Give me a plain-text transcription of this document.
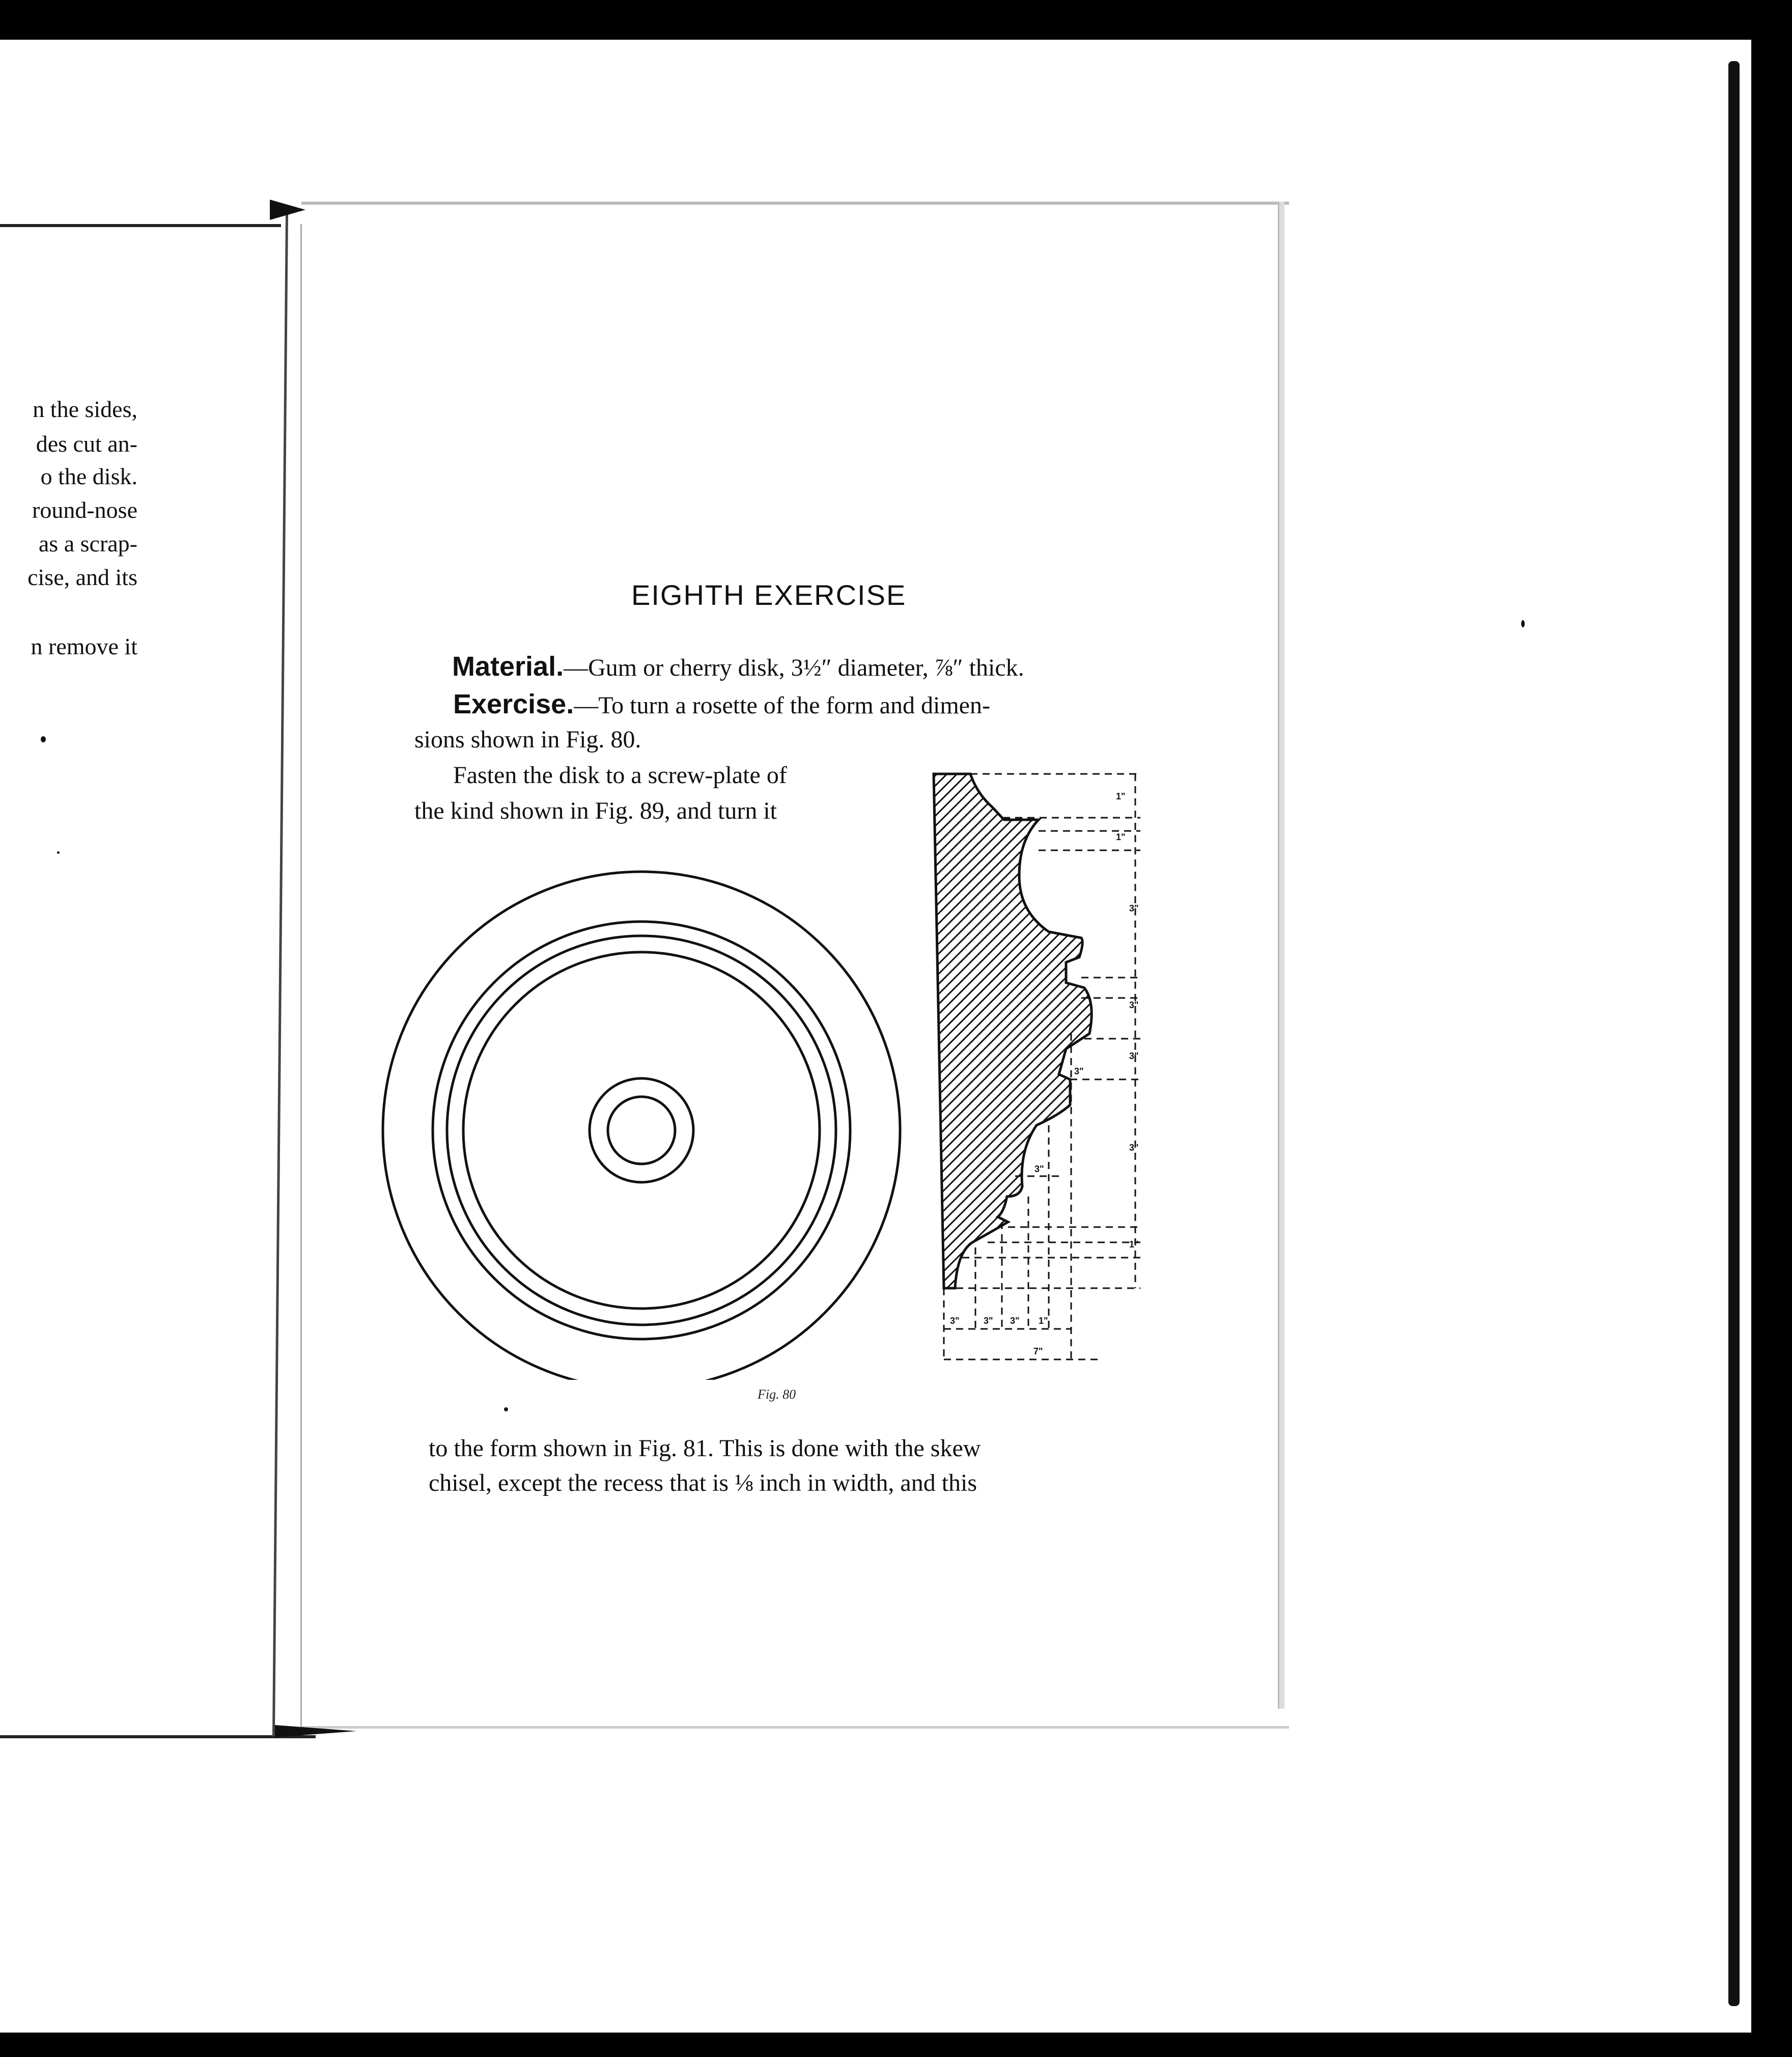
n the sides,
des cut an-
o the disk.
round-nose
as a scrap-
cise, and its
n remove it
EIGHTH EXERCISE
Material.—Gum or cherry disk, 3½″ diameter, ⅞″ thick.
Exercise.—To turn a rosette of the form and dimen-
sions shown in Fig. 80.
Fasten the disk to a screw-plate of
the kind shown in Fig. 89, and turn it
1"
1"
3"
3"
3"
3"
1"
3"
3"
3"	3" 3" 1"
7"
Fig. 80
to the form shown in Fig. 81. This is done with the skew
chisel, except the recess that is ⅛ inch in width, and this
